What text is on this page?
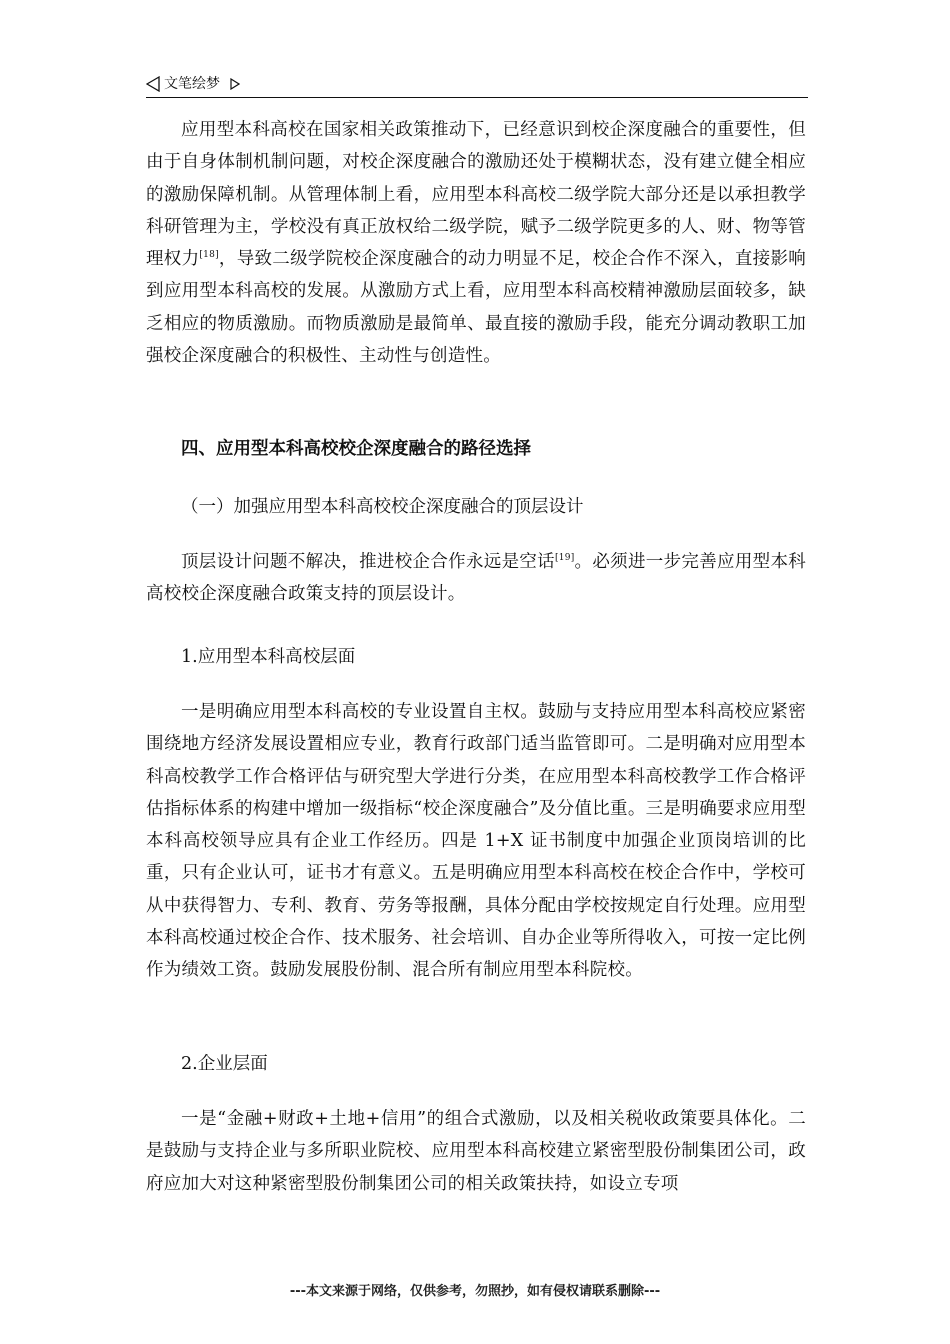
文笔绘梦

应用型本科高校在国家相关政策推动下，已经意识到校企深度融合的重要性，但由于自身体制机制问题，对校企深度融合的激励还处于模糊状态，没有建立健全相应的激励保障机制。从管理体制上看，应用型本科高校二级学院大部分还是以承担教学科研管理为主，学校没有真正放权给二级学院，赋予二级学院更多的人、财、物等管理权力[18]，导致二级学院校企深度融合的动力明显不足，校企合作不深入，直接影响到应用型本科高校的发展。从激励方式上看，应用型本科高校精神激励层面较多，缺乏相应的物质激励。而物质激励是最简单、最直接的激励手段，能充分调动教职工加强校企深度融合的积极性、主动性与创造性。

四、应用型本科高校校企深度融合的路径选择

（一）加强应用型本科高校校企深度融合的顶层设计

顶层设计问题不解决，推进校企合作永远是空话[19]。必须进一步完善应用型本科高校校企深度融合政策支持的顶层设计。

1.应用型本科高校层面

一是明确应用型本科高校的专业设置自主权。鼓励与支持应用型本科高校应紧密围绕地方经济发展设置相应专业，教育行政部门适当监管即可。二是明确对应用型本科高校教学工作合格评估与研究型大学进行分类，在应用型本科高校教学工作合格评估指标体系的构建中增加一级指标“校企深度融合”及分值比重。三是明确要求应用型本科高校领导应具有企业工作经历。四是 1+X 证书制度中加强企业顶岗培训的比重，只有企业认可，证书才有意义。五是明确应用型本科高校在校企合作中，学校可从中获得智力、专利、教育、劳务等报酬，具体分配由学校按规定自行处理。应用型本科高校通过校企合作、技术服务、社会培训、自办企业等所得收入，可按一定比例作为绩效工资。鼓励发展股份制、混合所有制应用型本科院校。

2.企业层面

一是“金融+财政+土地+信用”的组合式激励，以及相关税收政策要具体化。二是鼓励与支持企业与多所职业院校、应用型本科高校建立紧密型股份制集团公司，政府应加大对这种紧密型股份制集团公司的相关政策扶持，如设立专项

---本文来源于网络，仅供参考，勿照抄，如有侵权请联系删除---
